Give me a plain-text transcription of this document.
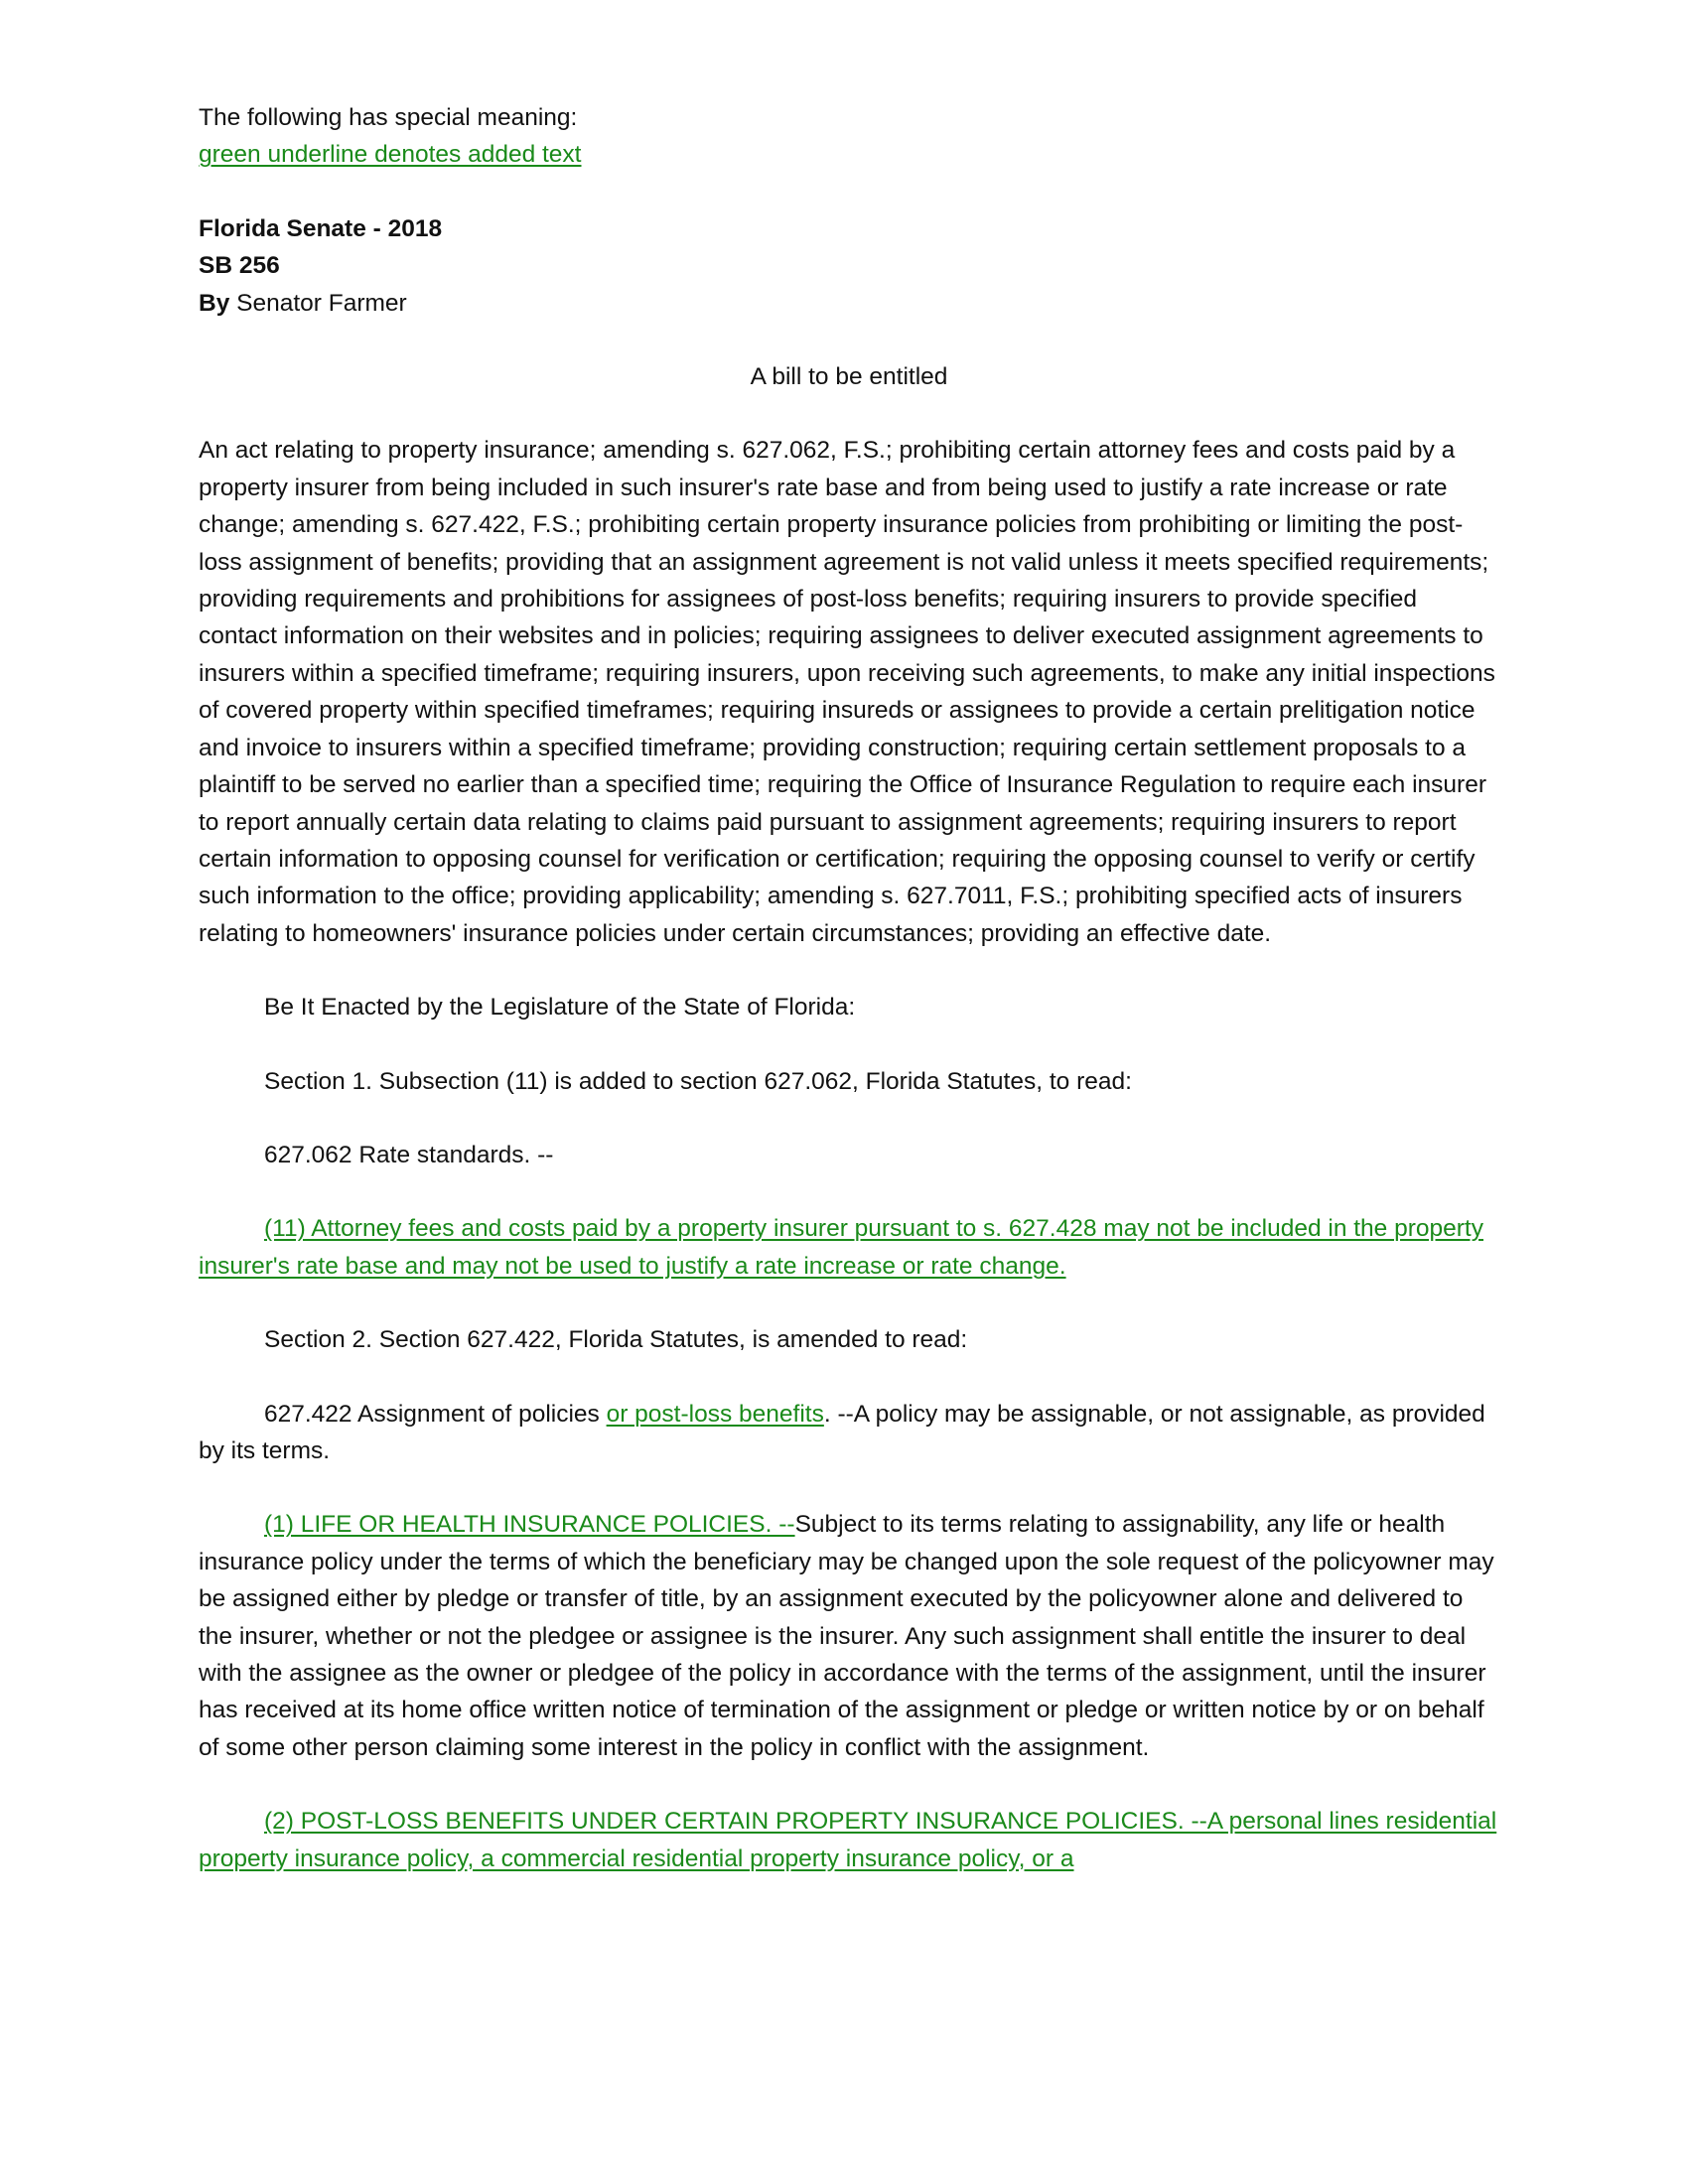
The following has special meaning:

green underline denotes added text

Florida Senate - 2018

SB 256

By Senator Farmer

A bill to be entitled

An act relating to property insurance; amending s. 627.062, F.S.; prohibiting certain attorney fees and costs paid by a property insurer from being included in such insurer's rate base and from being used to justify a rate increase or rate change; amending s. 627.422, F.S.; prohibiting certain property insurance policies from prohibiting or limiting the post-loss assignment of benefits; providing that an assignment agreement is not valid unless it meets specified requirements; providing requirements and prohibitions for assignees of post-loss benefits; requiring insurers to provide specified contact information on their websites and in policies; requiring assignees to deliver executed assignment agreements to insurers within a specified timeframe; requiring insurers, upon receiving such agreements, to make any initial inspections of covered property within specified timeframes; requiring insureds or assignees to provide a certain prelitigation notice and invoice to insurers within a specified timeframe; providing construction; requiring certain settlement proposals to a plaintiff to be served no earlier than a specified time; requiring the Office of Insurance Regulation to require each insurer to report annually certain data relating to claims paid pursuant to assignment agreements; requiring insurers to report certain information to opposing counsel for verification or certification; requiring the opposing counsel to verify or certify such information to the office; providing applicability; amending s. 627.7011, F.S.; prohibiting specified acts of insurers relating to homeowners' insurance policies under certain circumstances; providing an effective date.

Be It Enacted by the Legislature of the State of Florida:

Section 1. Subsection (11) is added to section 627.062, Florida Statutes, to read:

627.062 Rate standards. --

(11) Attorney fees and costs paid by a property insurer pursuant to s. 627.428 may not be included in the property insurer's rate base and may not be used to justify a rate increase or rate change.

Section 2. Section 627.422, Florida Statutes, is amended to read:

627.422 Assignment of policies or post-loss benefits. --A policy may be assignable, or not assignable, as provided by its terms.

(1) LIFE OR HEALTH INSURANCE POLICIES. --Subject to its terms relating to assignability, any life or health insurance policy under the terms of which the beneficiary may be changed upon the sole request of the policyowner may be assigned either by pledge or transfer of title, by an assignment executed by the policyowner alone and delivered to the insurer, whether or not the pledgee or assignee is the insurer. Any such assignment shall entitle the insurer to deal with the assignee as the owner or pledgee of the policy in accordance with the terms of the assignment, until the insurer has received at its home office written notice of termination of the assignment or pledge or written notice by or on behalf of some other person claiming some interest in the policy in conflict with the assignment.

(2) POST-LOSS BENEFITS UNDER CERTAIN PROPERTY INSURANCE POLICIES. --A personal lines residential property insurance policy, a commercial residential property insurance policy, or a
